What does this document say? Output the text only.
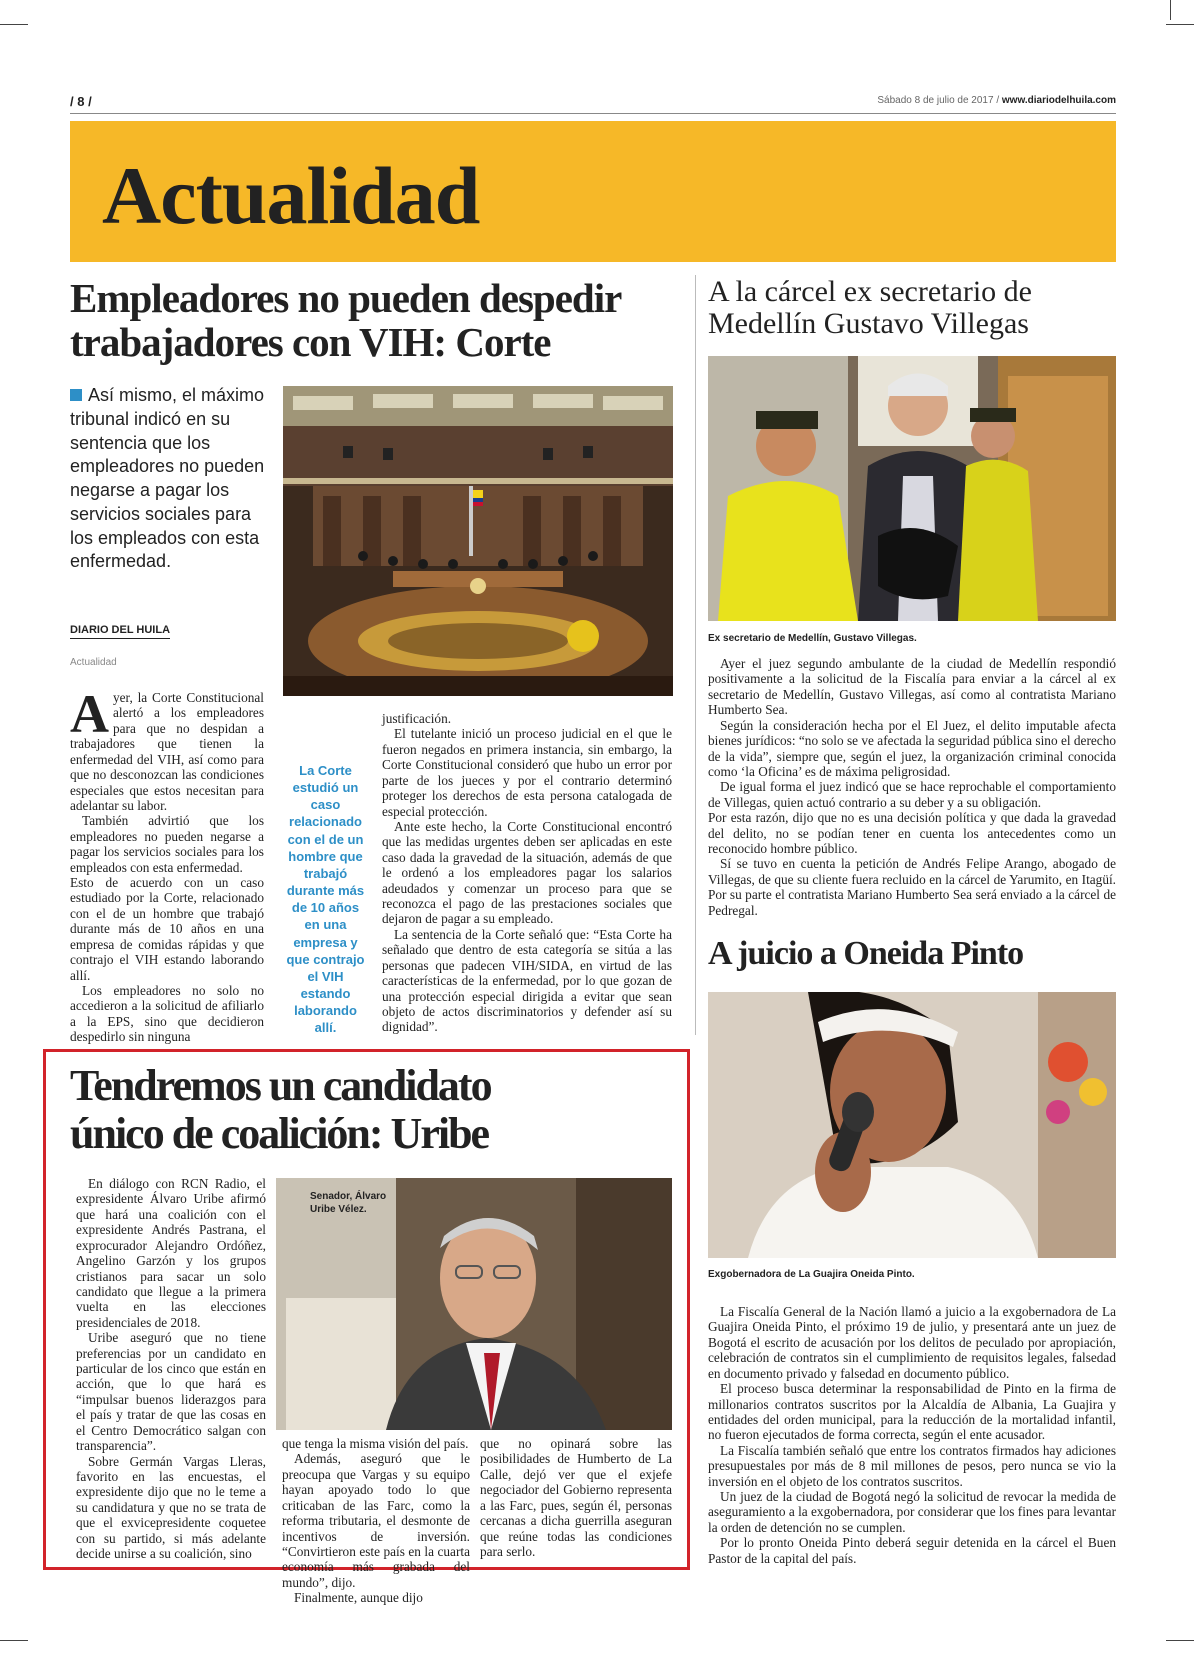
/ 8 /	Sábado 8 de julio de 2017 / www.diariodelhuila.com
Actualidad
Empleadores no pueden despedir
trabajadores con VIH: Corte
Así mismo, el máximo tribunal indicó en su sentencia que los empleadores no pueden negarse a pagar los servicios sociales para los empleados con esta enfermedad.
DIARIO DEL HUILA
Actualidad

Ayer, la Corte Constitucional alertó a los empleadores para que no despidan a trabajadores que tienen la enfermedad del VIH, así como para que no desconozcan las condiciones especiales que estos necesitan para adelantar su labor.

También advirtió que los empleadores no pueden negarse a pagar los servicios sociales para los empleados con esta enfermedad.

Esto de acuerdo con un caso estudiado por la Corte, relacionado con el de un hombre que trabajó durante más de 10 años en una empresa de comidas rápidas y que contrajo el VIH estando laborando allí.

Los empleadores no solo no accedieron a la solicitud de afiliarlo a la EPS, sino que decidieron despedirlo sin ninguna

La Corte estudió un caso relacionado con el de un hombre que trabajó durante más de 10 años en una empresa y que contrajo el VIH estando laborando allí.

justificación.

El tutelante inició un proceso judicial en el que le fueron negados en primera instancia, sin embargo, la Corte Constitucional consideró que hubo un error por parte de los jueces y por el contrario determinó proteger los derechos de esta persona catalogada de especial protección.

Ante este hecho, la Corte Constitucional encontró que las medidas urgentes deben ser aplicadas en este caso dada la gravedad de la situación, además de que le ordenó a los empleadores pagar los salarios adeudados y comenzar un proceso para que se reconozca el pago de las prestaciones sociales que dejaron de pagar a su empleado.

La sentencia de la Corte señaló que: “Esta Corte ha señalado que dentro de esta categoría se sitúa a las personas que padecen VIH/SIDA, en virtud de las características de la enfermedad, por lo que gozan de una protección especial dirigida a evitar que sean objeto de actos discriminatorios y defender así su dignidad”.

A la cárcel ex secretario de
Medellín Gustavo Villegas
Ex secretario de Medellín, Gustavo Villegas.

Ayer el juez segundo ambulante de la ciudad de Medellín respondió positivamente a la solicitud de la Fiscalía para enviar a la cárcel al ex secretario de Medellín, Gustavo Villegas, así como al contratista Mariano Humberto Sea.

Según la consideración hecha por el El Juez, el delito imputable afecta bienes jurídicos: “no solo se ve afectada la seguridad pública sino el derecho de la vida”, siempre que, según el juez, la organización criminal conocida como ‘la Oficina’ es de máxima peligrosidad.

De igual forma el juez indicó que se hace reprochable el comportamiento de Villegas, quien actuó contrario a su deber y a su obligación.

Por esta razón, dijo que no es una decisión política y que dada la gravedad del delito, no se podían tener en cuenta los antecedentes como un reconocido hombre público.

Sí se tuvo en cuenta la petición de Andrés Felipe Arango, abogado de Villegas, de que su cliente fuera recluido en la cárcel de Yarumito, en Itagüí. Por su parte el contratista Mariano Humberto Sea será enviado a la cárcel de Pedregal.

A juicio a Oneida Pinto
Exgobernadora de La Guajira Oneida Pinto.

La Fiscalía General de la Nación llamó a juicio a la exgobernadora de La Guajira Oneida Pinto, el próximo 19 de julio, y presentará ante un juez de Bogotá el escrito de acusación por los delitos de peculado por apropiación, celebración de contratos sin el cumplimiento de requisitos legales, falsedad en documento privado y falsedad en documento público.

El proceso busca determinar la responsabilidad de Pinto en la firma de millonarios contratos suscritos por la Alcaldía de Albania, La Guajira y entidades del orden municipal, para la reducción de la mortalidad infantil, no fueron ejecutados de forma correcta, según el ente acusador.

La Fiscalía también señaló que entre los contratos firmados hay adiciones presupuestales por más de 8 mil millones de pesos, pero nunca se vio la inversión en el objeto de los contratos suscritos.

Un juez de la ciudad de Bogotá negó la solicitud de revocar la medida de aseguramiento a la exgobernadora, por considerar que los fines para levantar la orden de detención no se cumplen.

Por lo pronto Oneida Pinto deberá seguir detenida en la cárcel el Buen Pastor de la capital del país.

Tendremos un candidato
único de coalición: Uribe

En diálogo con RCN Radio, el expresidente Álvaro Uribe afirmó que hará una coalición con el expresidente Andrés Pastrana, el exprocurador Alejandro Ordóñez, Angelino Garzón y los grupos cristianos para sacar un solo candidato que llegue a la primera vuelta en las elecciones presidenciales de 2018.

Uribe aseguró que no tiene preferencias por un candidato en particular de los cinco que están en acción, que lo que hará es “impulsar buenos liderazgos para el país y tratar de que las cosas en el Centro Democrático salgan con transparencia”.

Sobre Germán Vargas Lleras, favorito en las encuestas, el expresidente dijo que no le teme a su candidatura y que no se trata de que el exvicepresidente coquetee con su partido, si más adelante decide unirse a su coalición, sino

Senador, Álvaro
Uribe Vélez.

que tenga la misma visión del país.

Además, aseguró que le preocupa que Vargas y su equipo hayan apoyado todo lo que criticaban de las Farc, como la reforma tributaria, el desmonte de incentivos de inversión. “Convirtieron este país en la cuarta economía más grabada del mundo”, dijo.

Finalmente, aunque dijo

que no opinará sobre las posibilidades de Humberto de La Calle, dejó ver que el exjefe negociador del Gobierno representa a las Farc, pues, según él, personas cercanas a dicha guerrilla aseguran que reúne todas las condiciones para serlo.
